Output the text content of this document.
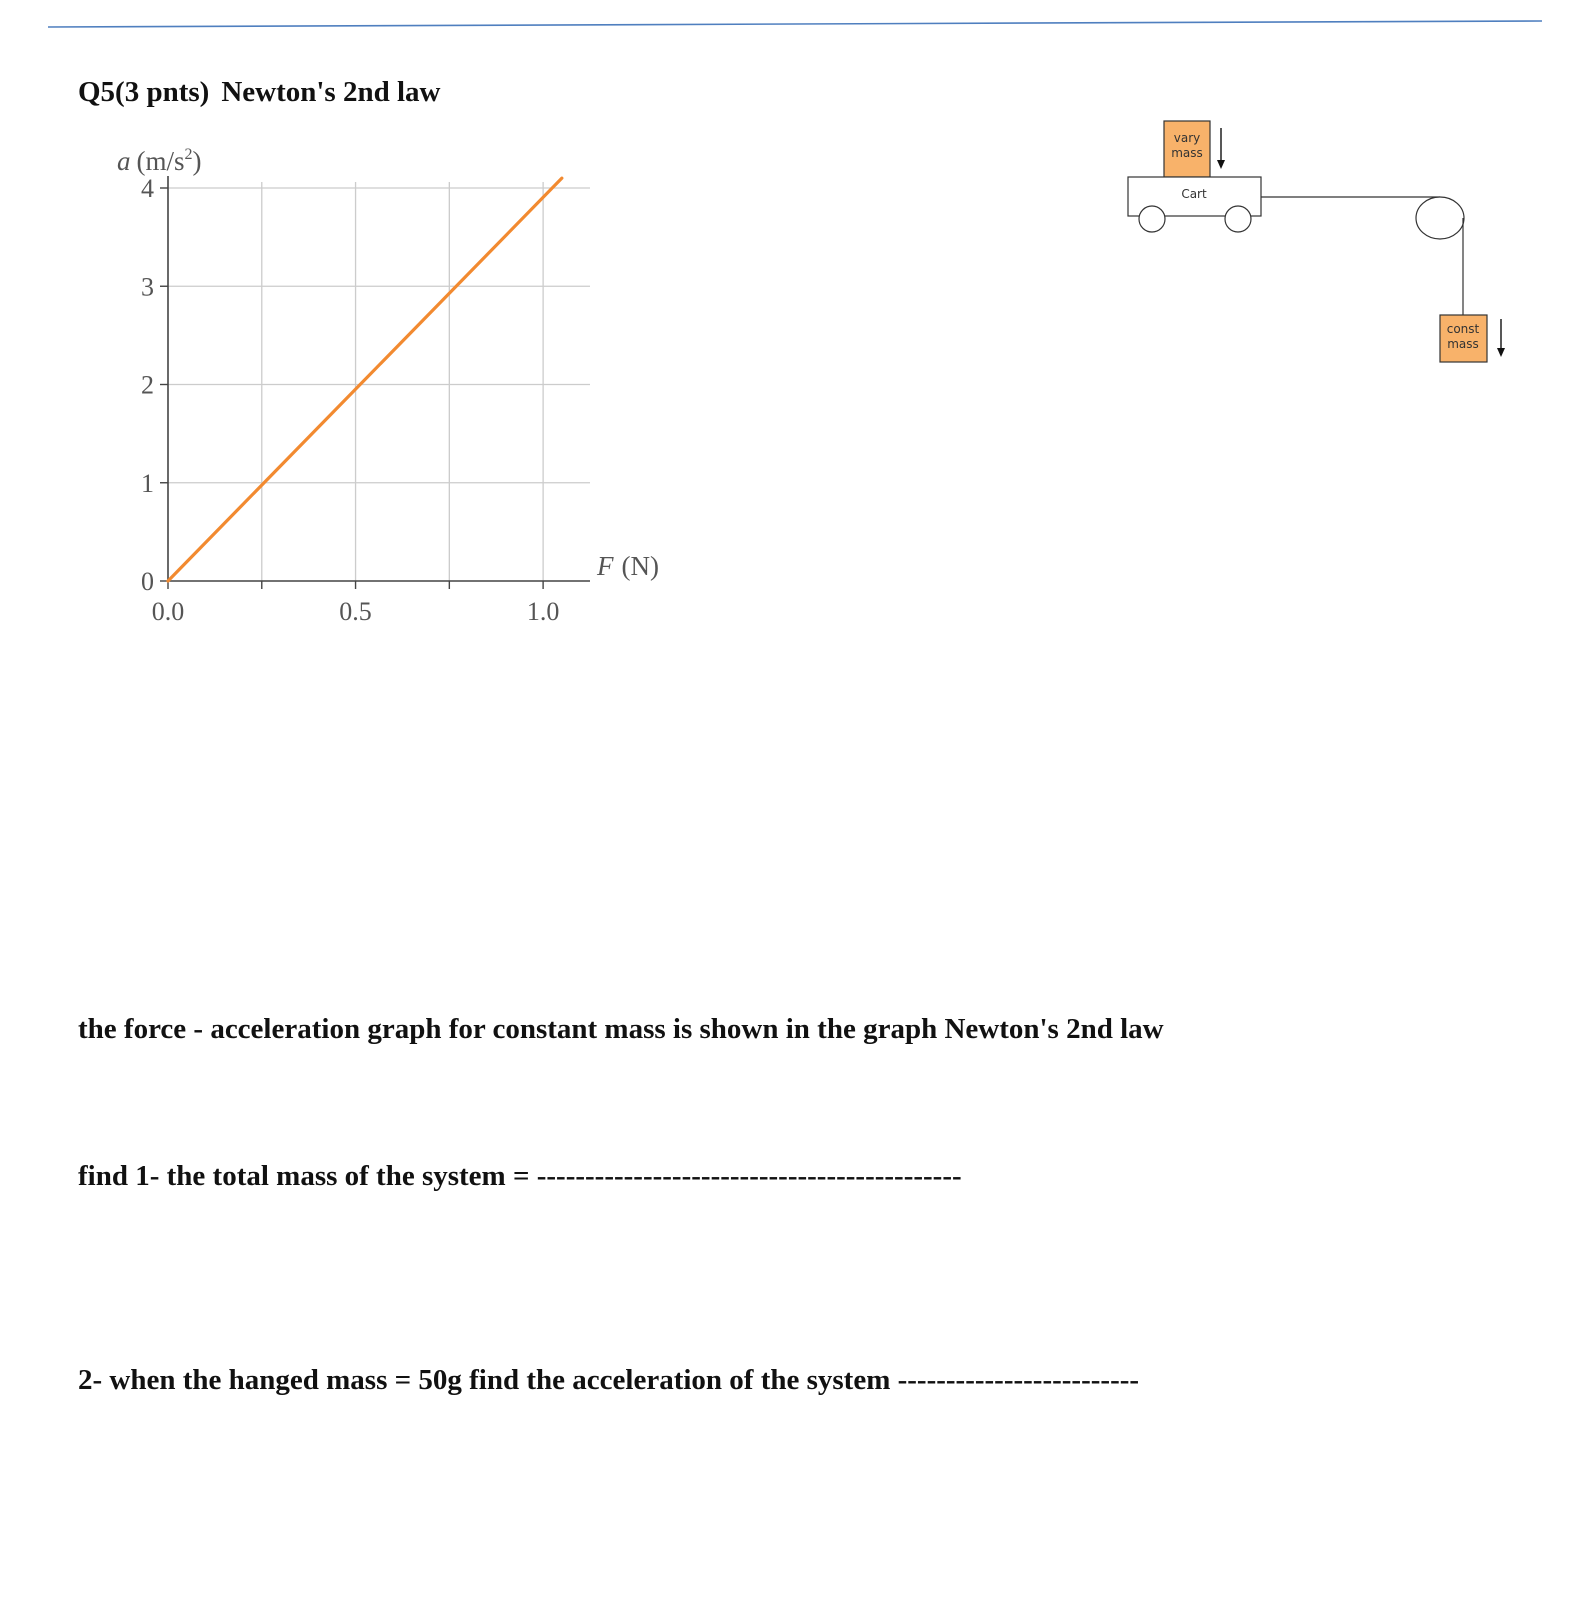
Q5(3 pnts) Newton's 2nd law
a $(m/s^2)$
0
1
2
3
4
0.0	0.5	1.0
F (N)
vary
mass
Cart
const
mass
the force - acceleration graph for constant mass is shown in the graph Newton's 2nd law
find 1- the total mass of the system = --------------------------------------------
2- when the hanged mass = 50g find the acceleration of the system -------------------------
